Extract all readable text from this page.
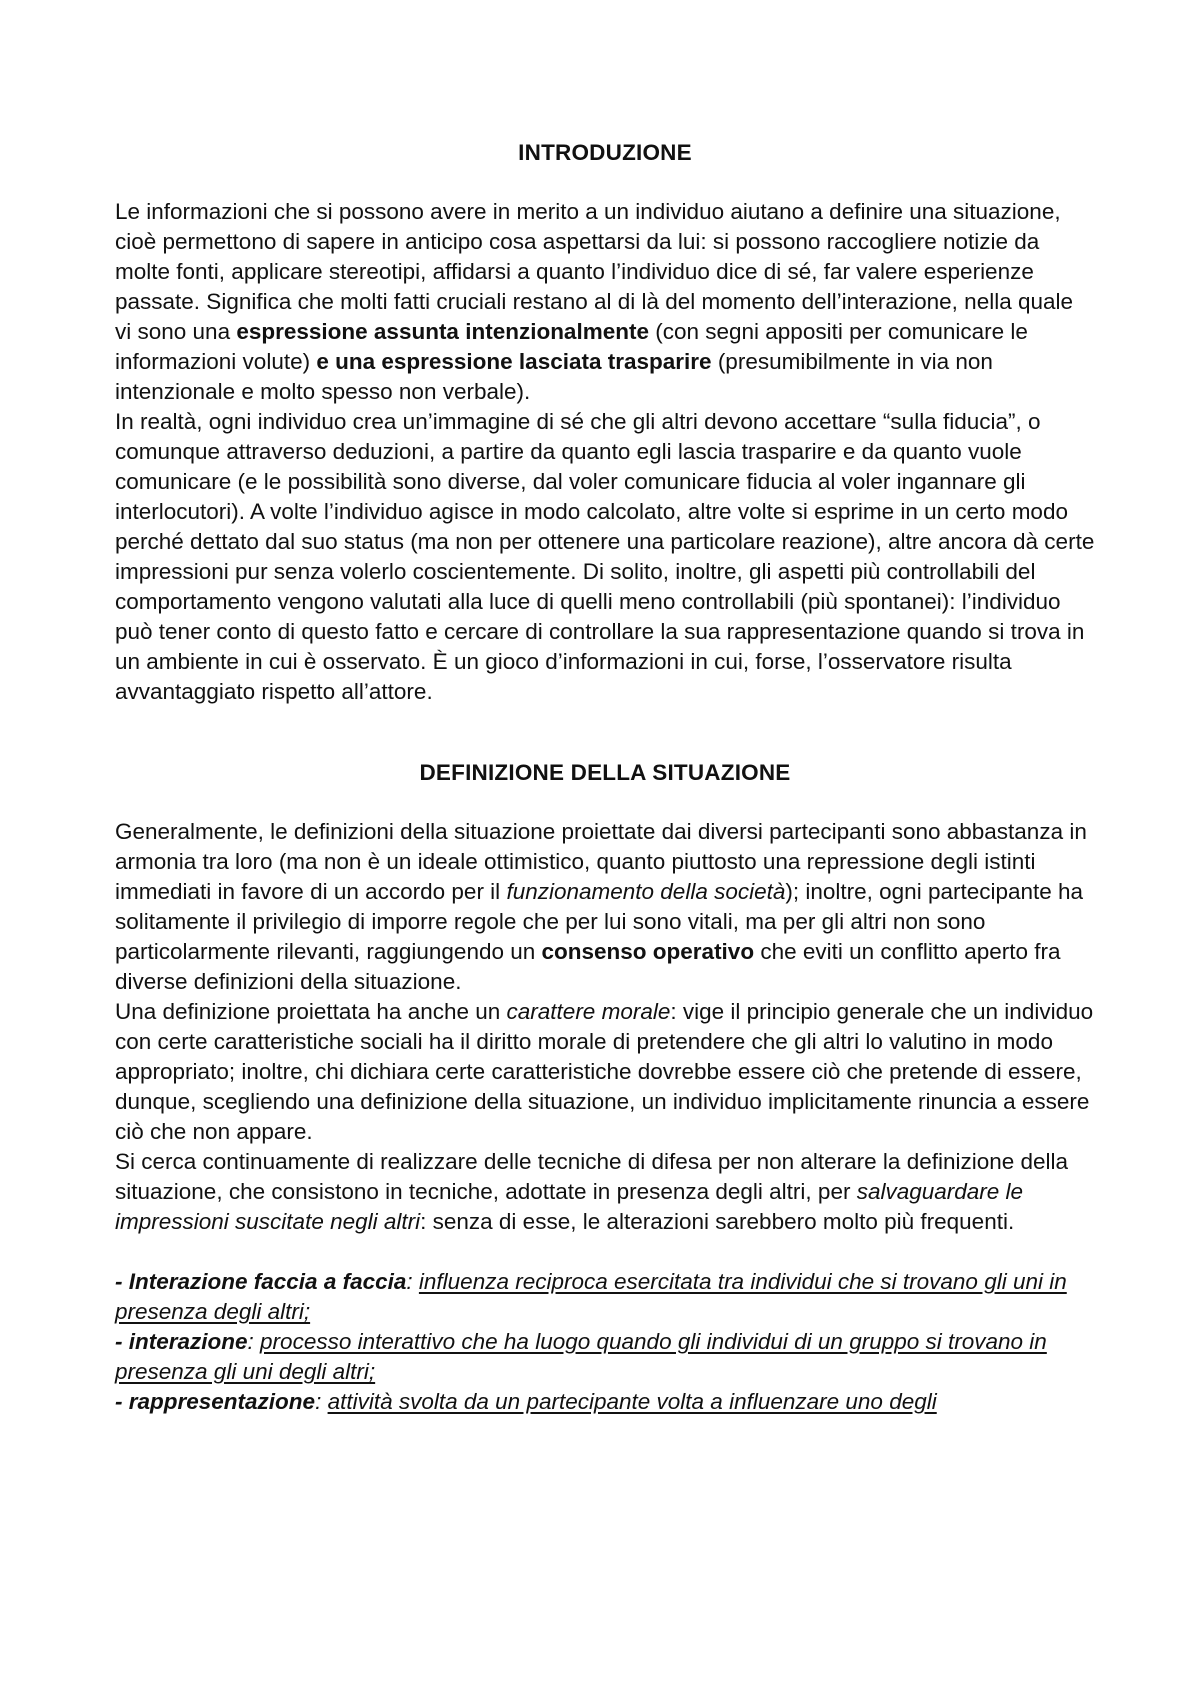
INTRODUZIONE

Le informazioni che si possono avere in merito a un individuo aiutano a definire una situazione, cioè permettono di sapere in anticipo cosa aspettarsi da lui: si possono raccogliere notizie da molte fonti, applicare stereotipi, affidarsi a quanto l’individuo dice di sé, far valere esperienze passate. Significa che molti fatti cruciali restano al di là del momento dell’interazione, nella quale vi sono una espressione assunta intenzionalmente (con segni appositi per comunicare le informazioni volute) e una espressione lasciata trasparire (presumibilmente in via non intenzionale e molto spesso non verbale).

In realtà, ogni individuo crea un’immagine di sé che gli altri devono accettare “sulla fiducia”, o comunque attraverso deduzioni, a partire da quanto egli lascia trasparire e da quanto vuole comunicare (e le possibilità sono diverse, dal voler comunicare fiducia al voler ingannare gli interlocutori). A volte l’individuo agisce in modo calcolato, altre volte si esprime in un certo modo perché dettato dal suo status (ma non per ottenere una particolare reazione), altre ancora dà certe impressioni pur senza volerlo coscientemente. Di solito, inoltre, gli aspetti più controllabili del comportamento vengono valutati alla luce di quelli meno controllabili (più spontanei): l’individuo può tener conto di questo fatto e cercare di controllare la sua rappresentazione quando si trova in un ambiente in cui è osservato. È un gioco d’informazioni in cui, forse, l’osservatore risulta avvantaggiato rispetto all’attore.

DEFINIZIONE DELLA SITUAZIONE

Generalmente, le definizioni della situazione proiettate dai diversi partecipanti sono abbastanza in armonia tra loro (ma non è un ideale ottimistico, quanto piuttosto una repressione degli istinti immediati in favore di un accordo per il funzionamento della società); inoltre, ogni partecipante ha solitamente il privilegio di imporre regole che per lui sono vitali, ma per gli altri non sono particolarmente rilevanti, raggiungendo un consenso operativo che eviti un conflitto aperto fra diverse definizioni della situazione.

Una definizione proiettata ha anche un carattere morale: vige il principio generale che un individuo con certe caratteristiche sociali ha il diritto morale di pretendere che gli altri lo valutino in modo appropriato; inoltre, chi dichiara certe caratteristiche dovrebbe essere ciò che pretende di essere, dunque, scegliendo una definizione della situazione, un individuo implicitamente rinuncia a essere ciò che non appare.

Si cerca continuamente di realizzare delle tecniche di difesa per non alterare la definizione della situazione, che consistono in tecniche, adottate in presenza degli altri, per salvaguardare le impressioni suscitate negli altri: senza di esse, le alterazioni sarebbero molto più frequenti.

- Interazione faccia a faccia: influenza reciproca esercitata tra individui che si trovano gli uni in presenza degli altri;

- interazione: processo interattivo che ha luogo quando gli individui di un gruppo si trovano in presenza gli uni degli altri;

- rappresentazione: attività svolta da un partecipante volta a influenzare uno degli
